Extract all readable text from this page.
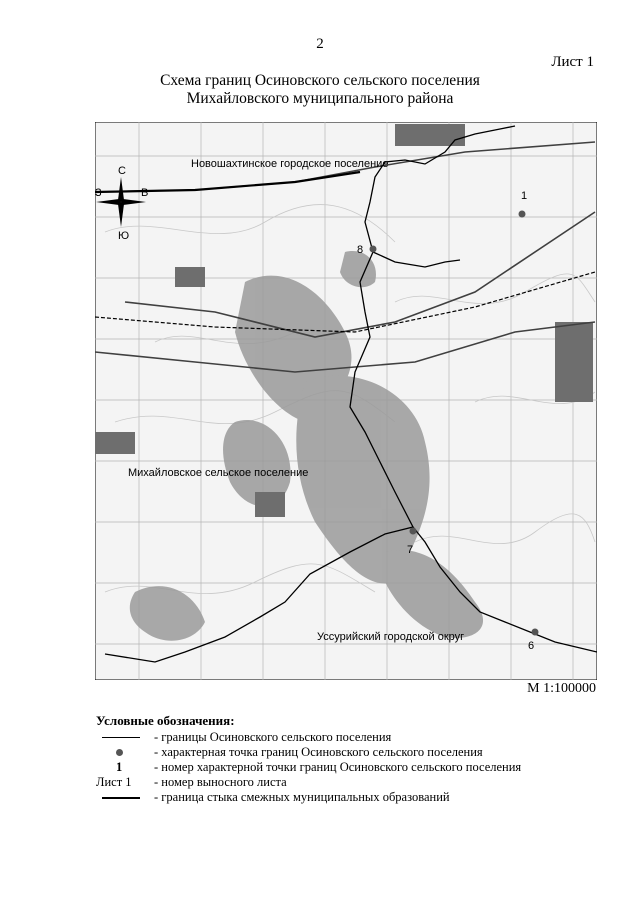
2
Лист 1
Схема границ Осиновского сельского поселения
Михайловского муниципального района
С
Ю
З	В	1
8
7
6
Новошахтинское городское поселение
Михайловское сельское поселение
Уссурийский городской округ
М 1:100000
Условные обозначения:
- границы Осиновского сельского поселения
- характерная точка границ Осиновского сельского поселения
1	- номер характерной точки границ Осиновского сельского поселения
Лист 1 - номер выносного листа
- граница стыка смежных муниципальных образований
